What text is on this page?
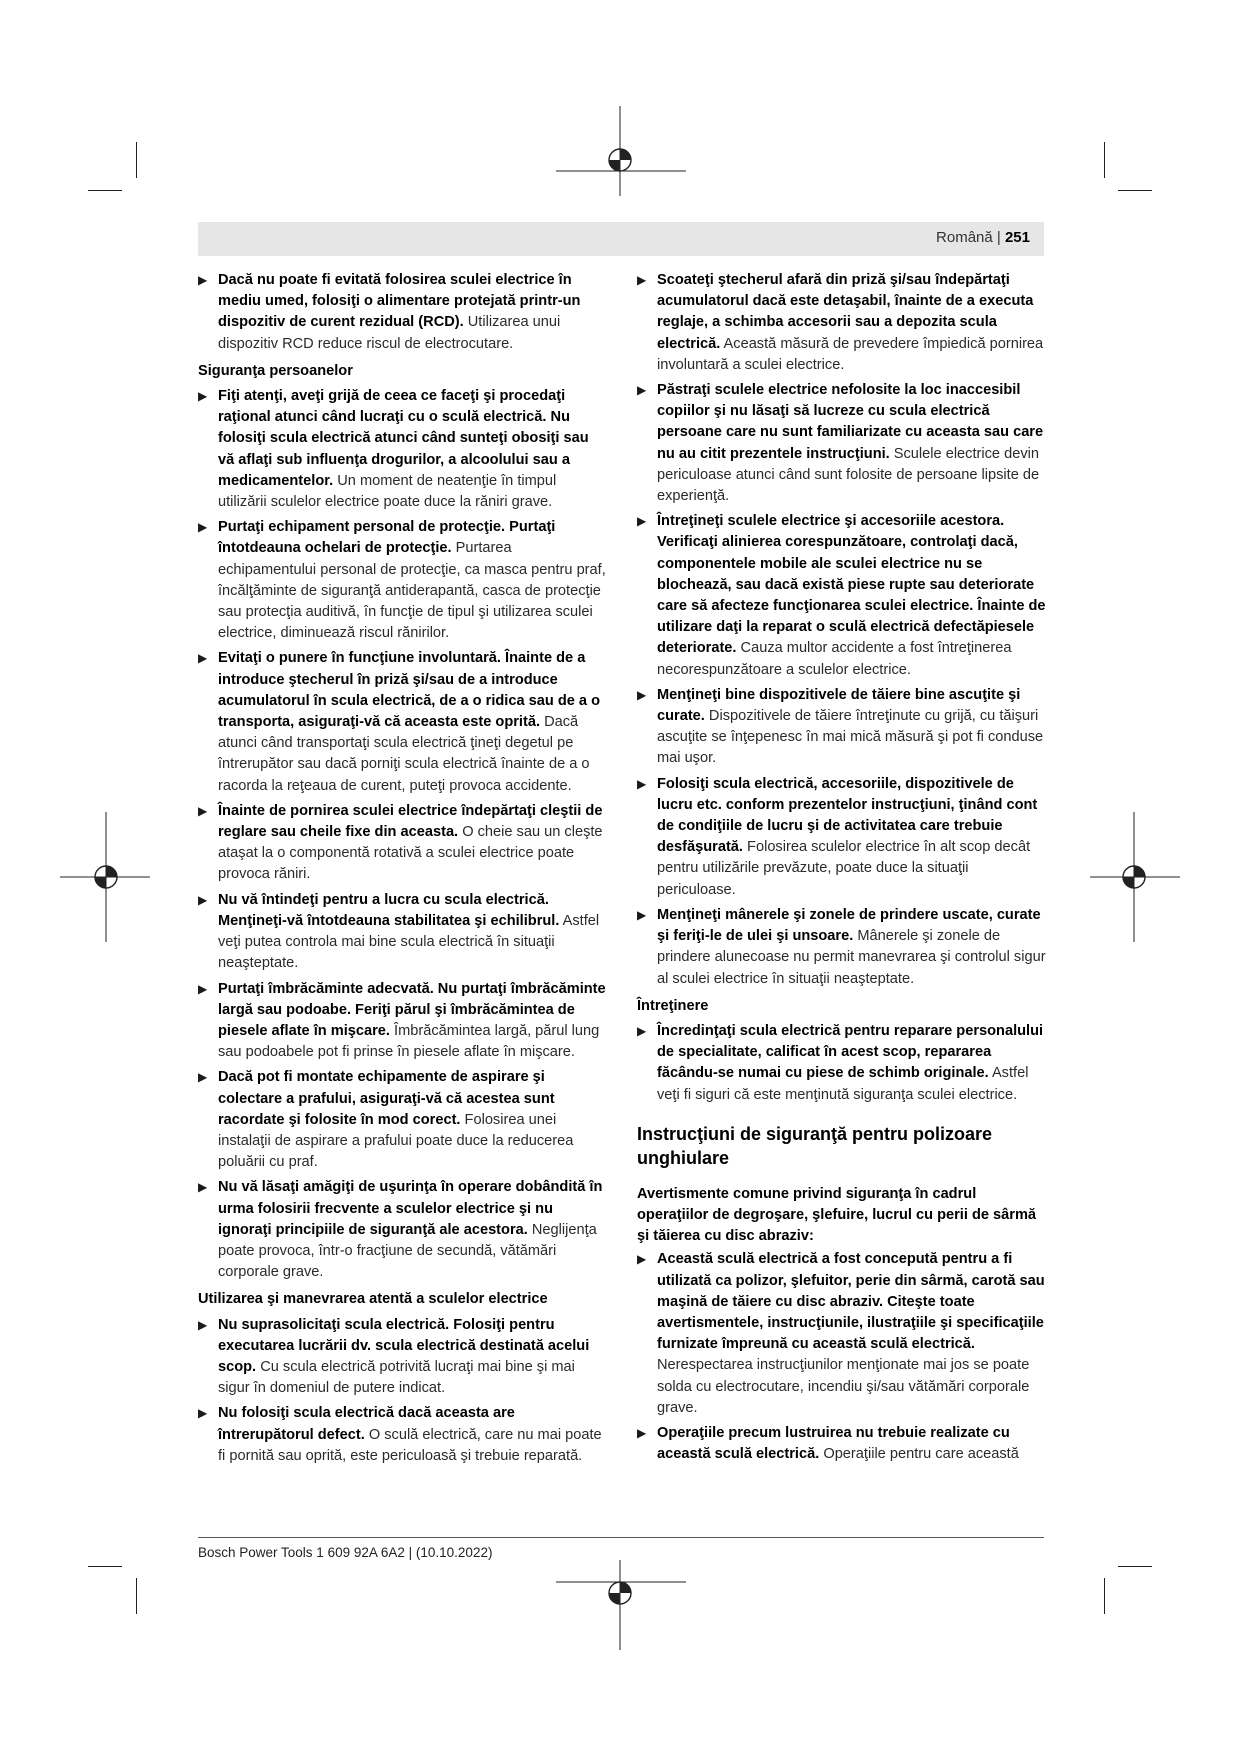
Română | 251
▶ Dacă nu poate fi evitată folosirea sculei electrice în mediu umed, folosiţi o alimentare protejată printr-un dispozitiv de curent rezidual (RCD). Utilizarea unui dispozitiv RCD reduce riscul de electrocutare.
Siguranţa persoanelor
▶ Fiţi atenţi, aveţi grijă de ceea ce faceţi şi procedaţi raţional atunci când lucraţi cu o sculă electrică. Nu folosiţi scula electrică atunci când sunteţi obosiţi sau vă aflaţi sub influenţa drogurilor, a alcoolului sau a medicamentelor. Un moment de neatenţie în timpul utilizării sculelor electrice poate duce la răniri grave.
▶ Purtaţi echipament personal de protecţie. Purtaţi întotdeauna ochelari de protecţie. Purtarea echipamentului personal de protecţie, ca masca pentru praf, încălţăminte de siguranţă antiderapantă, casca de protecţie sau protecţia auditivă, în funcţie de tipul şi utilizarea sculei electrice, diminuează riscul rănirilor.
▶ Evitaţi o punere în funcţiune involuntară. Înainte de a introduce ştecherul în priză şi/sau de a introduce acumulatorul în scula electrică, de a o ridica sau de a o transporta, asiguraţi-vă că aceasta este oprită. Dacă atunci când transportaţi scula electrică ţineţi degetul pe întrerupător sau dacă porniţi scula electrică înainte de a o racorda la reţeaua de curent, puteţi provoca accidente.
▶ Înainte de pornirea sculei electrice îndepărtaţi cleştii de reglare sau cheile fixe din aceasta. O cheie sau un cleşte ataşat la o componentă rotativă a sculei electrice poate provoca răniri.
▶ Nu vă întindeţi pentru a lucra cu scula electrică. Menţineţi-vă întotdeauna stabilitatea şi echilibrul. Astfel veţi putea controla mai bine scula electrică în situaţii neaşteptate.
▶ Purtaţi îmbrăcăminte adecvată. Nu purtaţi îmbrăcăminte largă sau podoabe. Feriţi părul şi îmbrăcămintea de piesele aflate în mişcare. Îmbrăcămintea largă, părul lung sau podoabele pot fi prinse în piesele aflate în mişcare.
▶ Dacă pot fi montate echipamente de aspirare şi colectare a prafului, asiguraţi-vă că acestea sunt racordate şi folosite în mod corect. Folosirea unei instalaţii de aspirare a prafului poate duce la reducerea poluării cu praf.
▶ Nu vă lăsaţi amăgiţi de uşurinţa în operare dobândită în urma folosirii frecvente a sculelor electrice şi nu ignoraţi principiile de siguranţă ale acestora. Neglijenţa poate provoca, într-o fracţiune de secundă, vătămări corporale grave.
Utilizarea şi manevrarea atentă a sculelor electrice
▶ Nu suprasolicitaţi scula electrică. Folosiţi pentru executarea lucrării dv. scula electrică destinată acelui scop. Cu scula electrică potrivită lucraţi mai bine şi mai sigur în domeniul de putere indicat.
▶ Nu folosiţi scula electrică dacă aceasta are întrerupătorul defect. O sculă electrică, care nu mai poate fi pornită sau oprită, este periculoasă şi trebuie reparată.
▶ Scoateţi ştecherul afară din priză şi/sau îndepărtaţi acumulatorul dacă este detaşabil, înainte de a executa reglaje, a schimba accesorii sau a depozita scula electrică. Această măsură de prevedere împiedică pornirea involuntară a sculei electrice.
▶ Păstraţi sculele electrice nefolosite la loc inaccesibil copiilor şi nu lăsaţi să lucreze cu scula electrică persoane care nu sunt familiarizate cu aceasta sau care nu au citit prezentele instrucţiuni. Sculele electrice devin periculoase atunci când sunt folosite de persoane lipsite de experienţă.
▶ Întreţineţi sculele electrice şi accesoriile acestora. Verificaţi alinierea corespunzătoare, controlaţi dacă, componentele mobile ale sculei electrice nu se blochează, sau dacă există piese rupte sau deteriorate care să afecteze funcţionarea sculei electrice. Înainte de utilizare daţi la reparat o sculă electrică defectăpiesele deteriorate. Cauza multor accidente a fost întreţinerea necorespunzătoare a sculelor electrice.
▶ Menţineţi bine dispozitivele de tăiere bine ascuţite şi curate. Dispozitivele de tăiere întreţinute cu grijă, cu tăişuri ascuţite se înţepenesc în mai mică măsură şi pot fi conduse mai uşor.
▶ Folosiţi scula electrică, accesoriile, dispozitivele de lucru etc. conform prezentelor instrucţiuni, ţinând cont de condiţiile de lucru şi de activitatea care trebuie desfăşurată. Folosirea sculelor electrice în alt scop decât pentru utilizările prevăzute, poate duce la situaţii periculoase.
▶ Menţineţi mânerele şi zonele de prindere uscate, curate şi feriţi-le de ulei şi unsoare. Mânerele şi zonele de prindere alunecoase nu permit manevrarea şi controlul sigur al sculei electrice în situaţii neaşteptate.
Întreţinere
▶ Încredinţaţi scula electrică pentru reparare personalului de specialitate, calificat în acest scop, repararea făcându-se numai cu piese de schimb originale. Astfel veţi fi siguri că este menţinută siguranţa sculei electrice.
Instrucţiuni de siguranţă pentru polizoare unghiulare
Avertismente comune privind siguranţa în cadrul operaţiilor de degroşare, şlefuire, lucrul cu perii de sârmă şi tăierea cu disc abraziv:
▶ Această sculă electrică a fost concepută pentru a fi utilizată ca polizor, şlefuitor, perie din sârmă, carotă sau maşină de tăiere cu disc abraziv. Citeşte toate avertismentele, instrucţiunile, ilustraţiile şi specificaţiile furnizate împreună cu această sculă electrică. Nerespectarea instrucţiunilor menţionate mai jos se poate solda cu electrocutare, incendiu şi/sau vătămări corporale grave.
▶ Operaţiile precum lustruirea nu trebuie realizate cu această sculă electrică. Operaţiile pentru care această
Bosch Power Tools 1 609 92A 6A2 | (10.10.2022)
